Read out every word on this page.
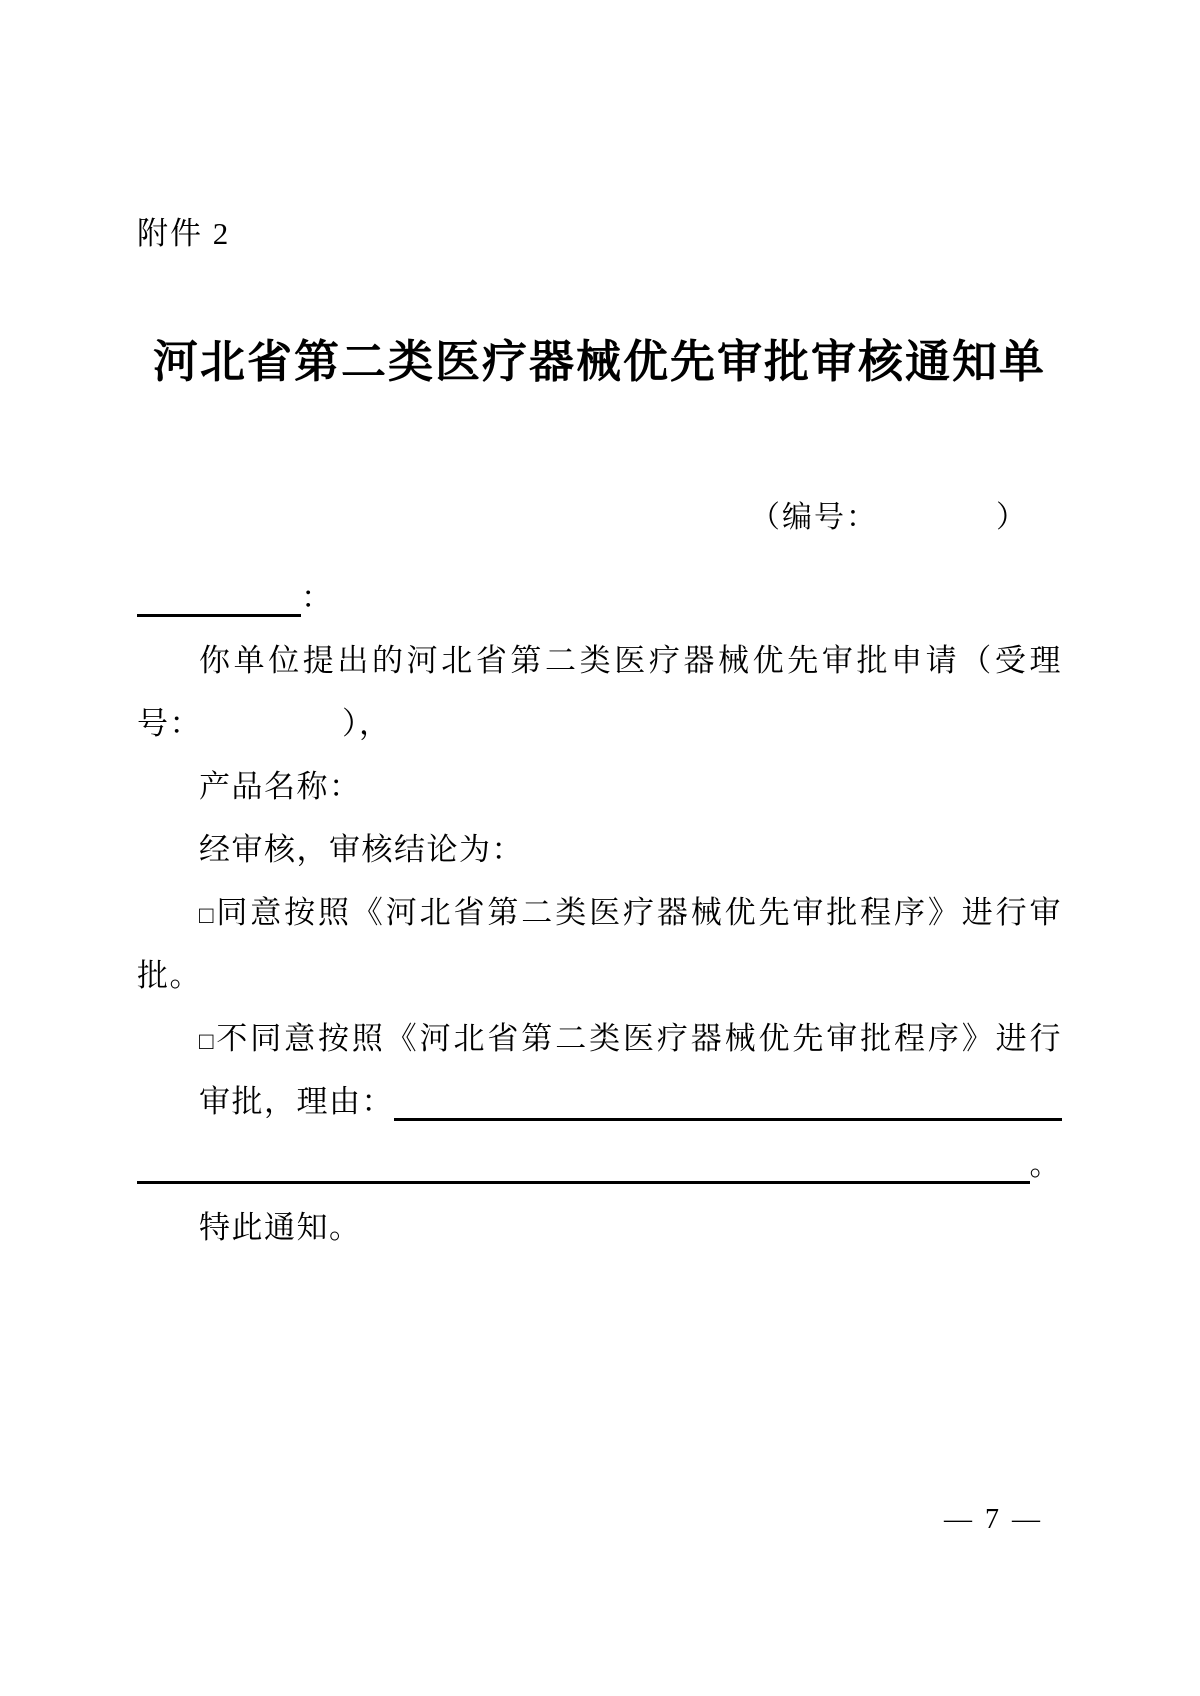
附件 2
河北省第二类医疗器械优先审批审核通知单
（编号：	）
：
你单位提出的河北省第二类医疗器械优先审批申请（受理
号：	），
产品名称：
经审核，审核结论为：
□同意按照《河北省第二类医疗器械优先审批程序》进行审
批。
□不同意按照《河北省第二类医疗器械优先审批程序》进行
审批，理由：
。
特此通知。
— 7 —
